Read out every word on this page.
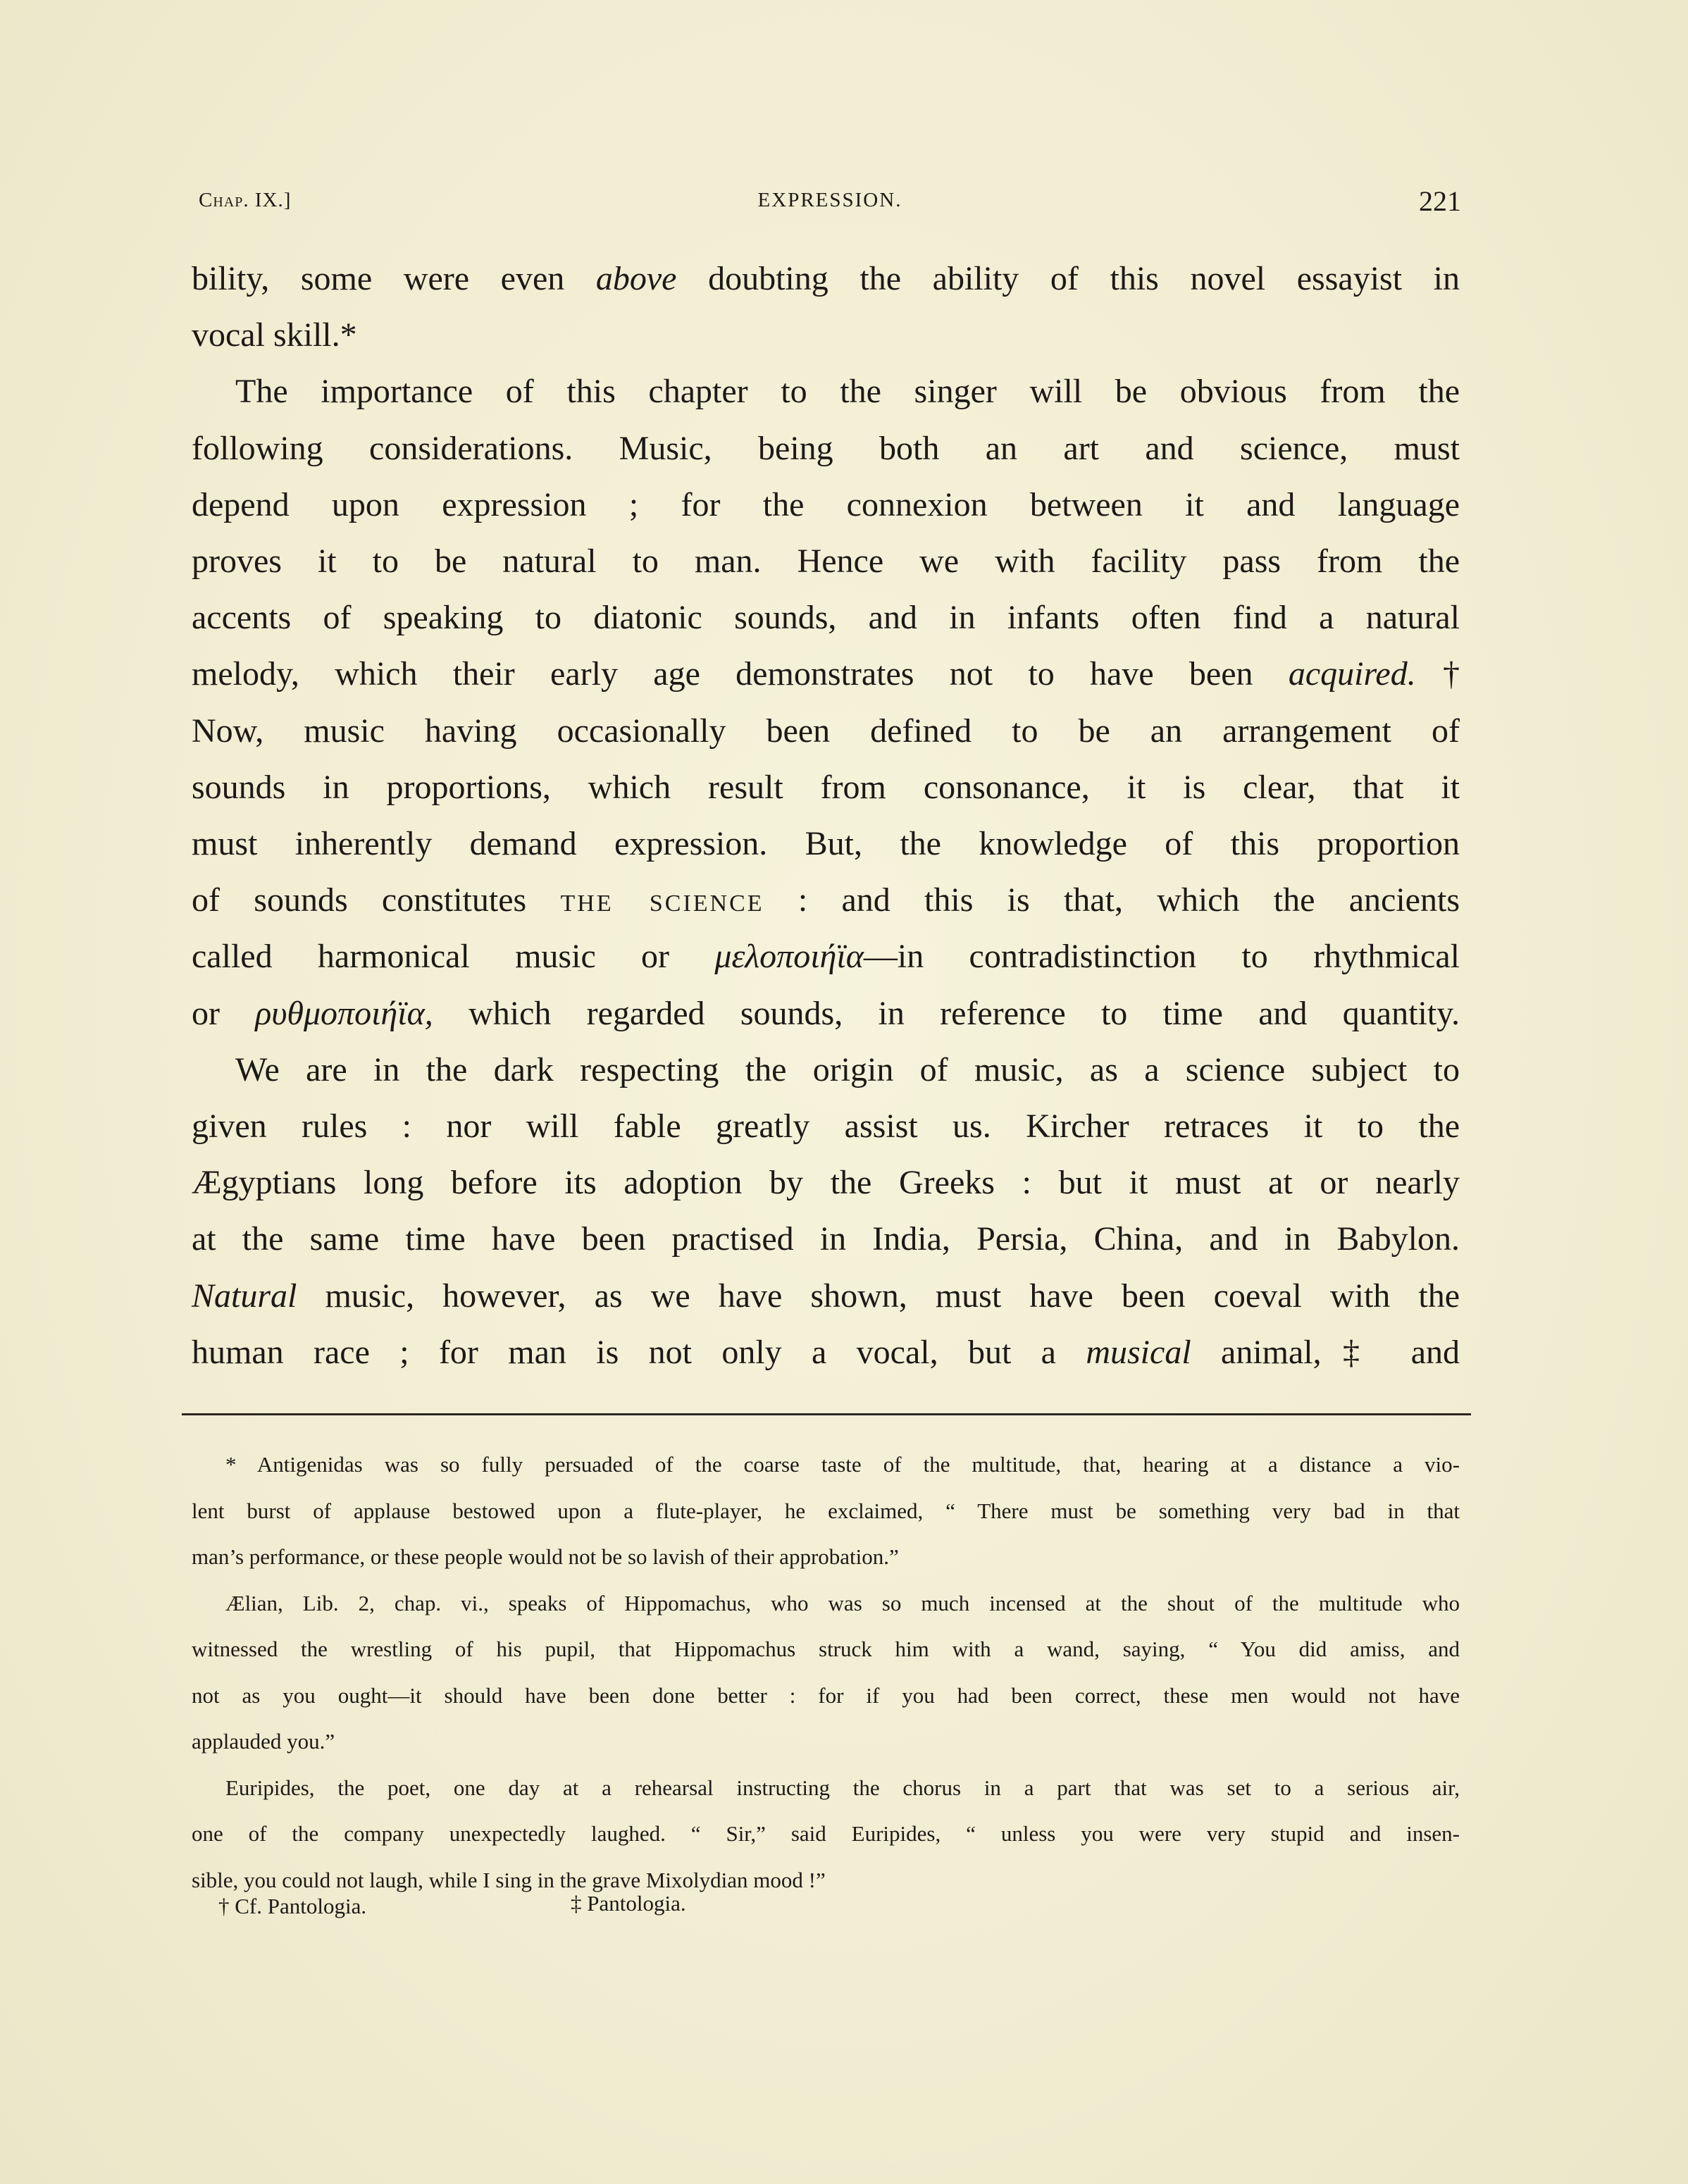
Chap. IX.]	EXPRESSION.	221
bility, some were even above doubting the ability of this novel essayist in
vocal skill.*
The importance of this chapter to the singer will be obvious from the
following considerations. Music, being both an art and science, must
depend upon expression ; for the connexion between it and language
proves it to be natural to man. Hence we with facility pass from the
accents of speaking to diatonic sounds, and in infants often find a natural
melody, which their early age demonstrates not to have been acquired.†
Now, music having occasionally been defined to be an arrangement of
sounds in proportions, which result from consonance, it is clear, that it
must inherently demand expression. But, the knowledge of this proportion
of sounds constitutes the science : and this is that, which the ancients
called harmonical music or μελοποιήϊα—in contradistinction to rhythmical
or ρυθμοποιήϊα, which regarded sounds, in reference to time and quantity.
We are in the dark respecting the origin of music, as a science subject to
given rules : nor will fable greatly assist us. Kircher retraces it to the
Ægyptians long before its adoption by the Greeks : but it must at or nearly
at the same time have been practised in India, Persia, China, and in Babylon.
Natural music, however, as we have shown, must have been coeval with the
human race ; for man is not only a vocal, but a musical animal,‡ and
* Antigenidas was so fully persuaded of the coarse taste of the multitude, that, hearing at a distance a vio-
lent burst of applause bestowed upon a flute-player, he exclaimed, “ There must be something very bad in that
man’s performance, or these people would not be so lavish of their approbation.”
Ælian, Lib. 2, chap. vi., speaks of Hippomachus, who was so much incensed at the shout of the multitude who
witnessed the wrestling of his pupil, that Hippomachus struck him with a wand, saying, “ You did amiss, and
not as you ought—it should have been done better : for if you had been correct, these men would not have
applauded you.”
Euripides, the poet, one day at a rehearsal instructing the chorus in a part that was set to a serious air,
one of the company unexpectedly laughed. “ Sir,” said Euripides, “ unless you were very stupid and insen-
sible, you could not laugh, while I sing in the grave Mixolydian mood !”
† Cf. Pantologia.	‡ Pantologia.
